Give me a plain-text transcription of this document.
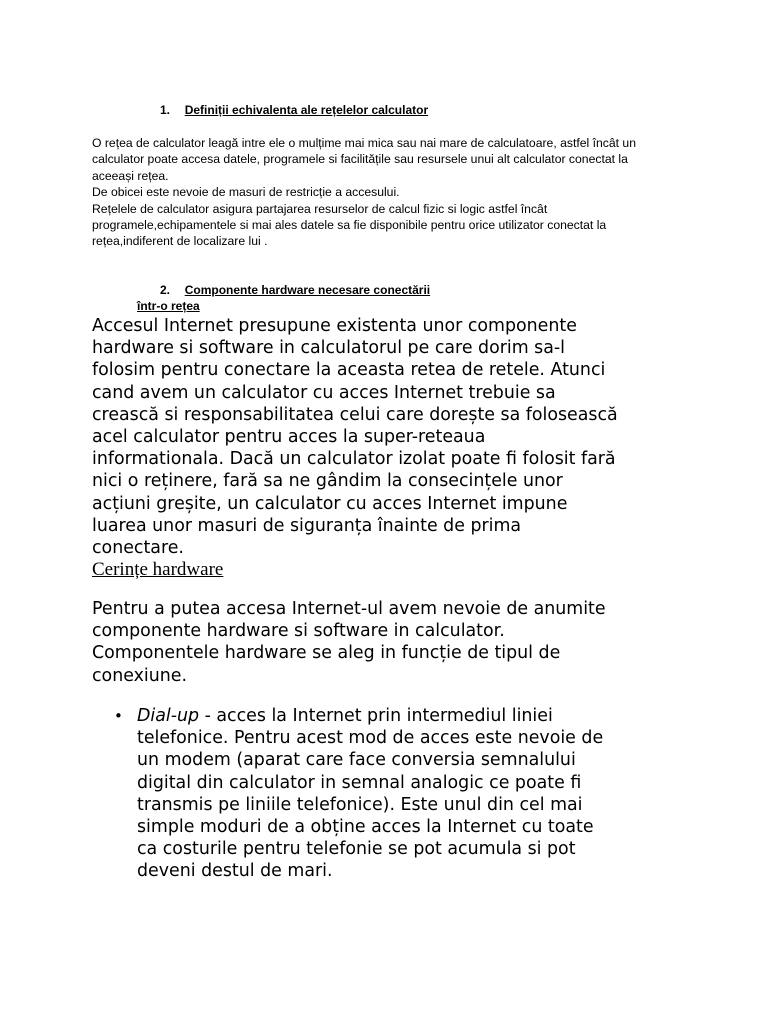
1. Definiții echivalenta ale rețelelor calculator
O rețea de calculator leagă intre ele o mulțime mai mica sau nai mare de calculatoare, astfel încât un
calculator poate accesa datele, programele si facilitățile sau resursele unui alt calculator conectat la
aceeași rețea.
De obicei este nevoie de masuri de restricție a accesului.
Rețelele de calculator asigura partajarea resurselor de calcul fizic si logic astfel încât
programele,echipamentele si mai ales datele sa fie disponibile pentru orice utilizator conectat la
rețea,indiferent de localizare lui .
2. Componente hardware necesare conectării
într-o rețea
Accesul Internet presupune existenta unor componente
hardware si software in calculatorul pe care dorim sa-l
folosim pentru conectare la aceasta retea de retele. Atunci
cand avem un calculator cu acces Internet trebuie sa
crească si responsabilitatea celui care dorește sa folosească
acel calculator pentru acces la super-reteaua
informationala. Dacă un calculator izolat poate fi folosit fară
nici o reținere, fară sa ne gândim la consecințele unor
acțiuni greșite, un calculator cu acces Internet impune
luarea unor masuri de siguranța înainte de prima
conectare.
Cerințe hardware
Pentru a putea accesa Internet-ul avem nevoie de anumite
componente hardware si software in calculator.
Componentele hardware se aleg in funcție de tipul de
conexiune.
• Dial-up - acces la Internet prin intermediul liniei
telefonice. Pentru acest mod de acces este nevoie de
un modem (aparat care face conversia semnalului
digital din calculator in semnal analogic ce poate fi
transmis pe liniile telefonice). Este unul din cel mai
simple moduri de a obține acces la Internet cu toate
ca costurile pentru telefonie se pot acumula si pot
deveni destul de mari.
